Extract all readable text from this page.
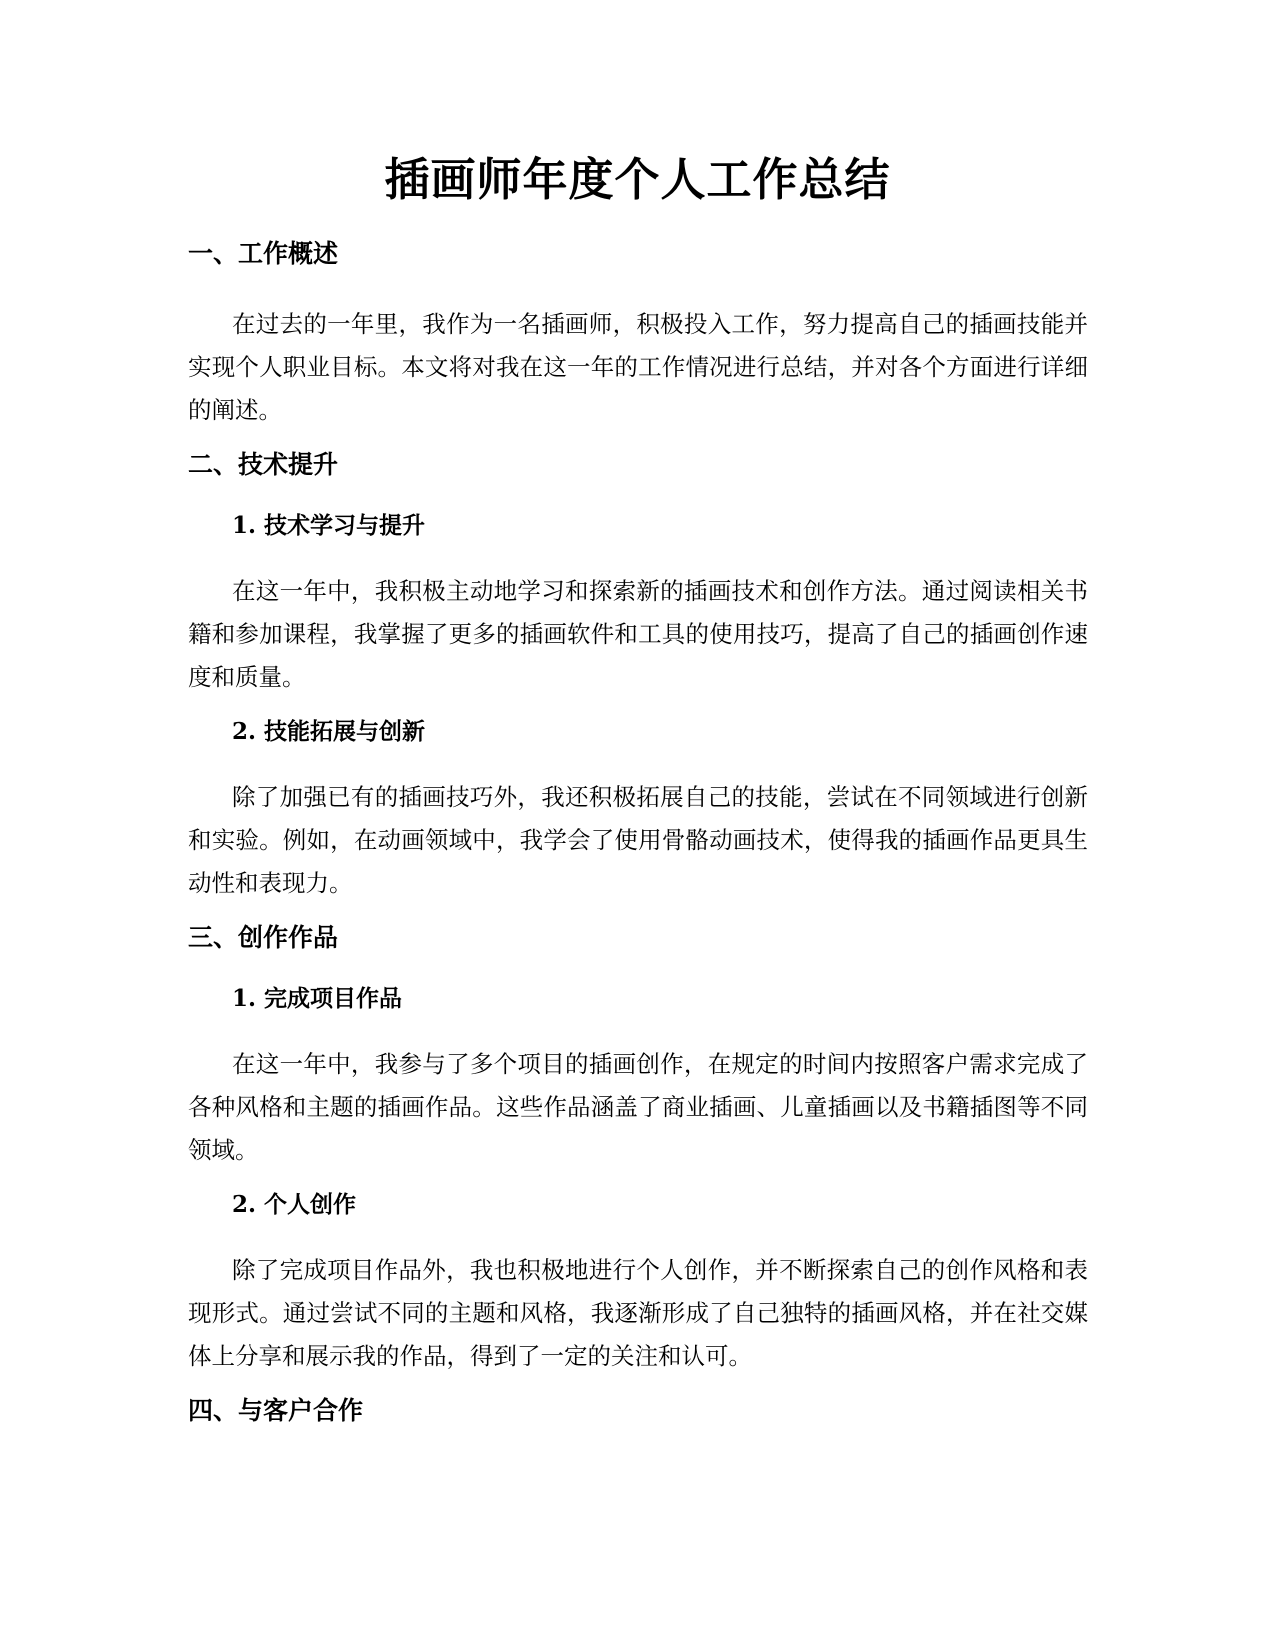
插画师年度个人工作总结
一、工作概述

在过去的一年里，我作为一名插画师，积极投入工作，努力提高自己的插画技能并实现个人职业目标。本文将对我在这一年的工作情况进行总结，并对各个方面进行详细的阐述。

二、技术提升
1. 技术学习与提升

在这一年中，我积极主动地学习和探索新的插画技术和创作方法。通过阅读相关书籍和参加课程，我掌握了更多的插画软件和工具的使用技巧，提高了自己的插画创作速度和质量。

2. 技能拓展与创新

除了加强已有的插画技巧外，我还积极拓展自己的技能，尝试在不同领域进行创新和实验。例如，在动画领域中，我学会了使用骨骼动画技术，使得我的插画作品更具生动性和表现力。

三、创作作品
1. 完成项目作品

在这一年中，我参与了多个项目的插画创作，在规定的时间内按照客户需求完成了各种风格和主题的插画作品。这些作品涵盖了商业插画、儿童插画以及书籍插图等不同领域。

2. 个人创作

除了完成项目作品外，我也积极地进行个人创作，并不断探索自己的创作风格和表现形式。通过尝试不同的主题和风格，我逐渐形成了自己独特的插画风格，并在社交媒体上分享和展示我的作品，得到了一定的关注和认可。

四、与客户合作
